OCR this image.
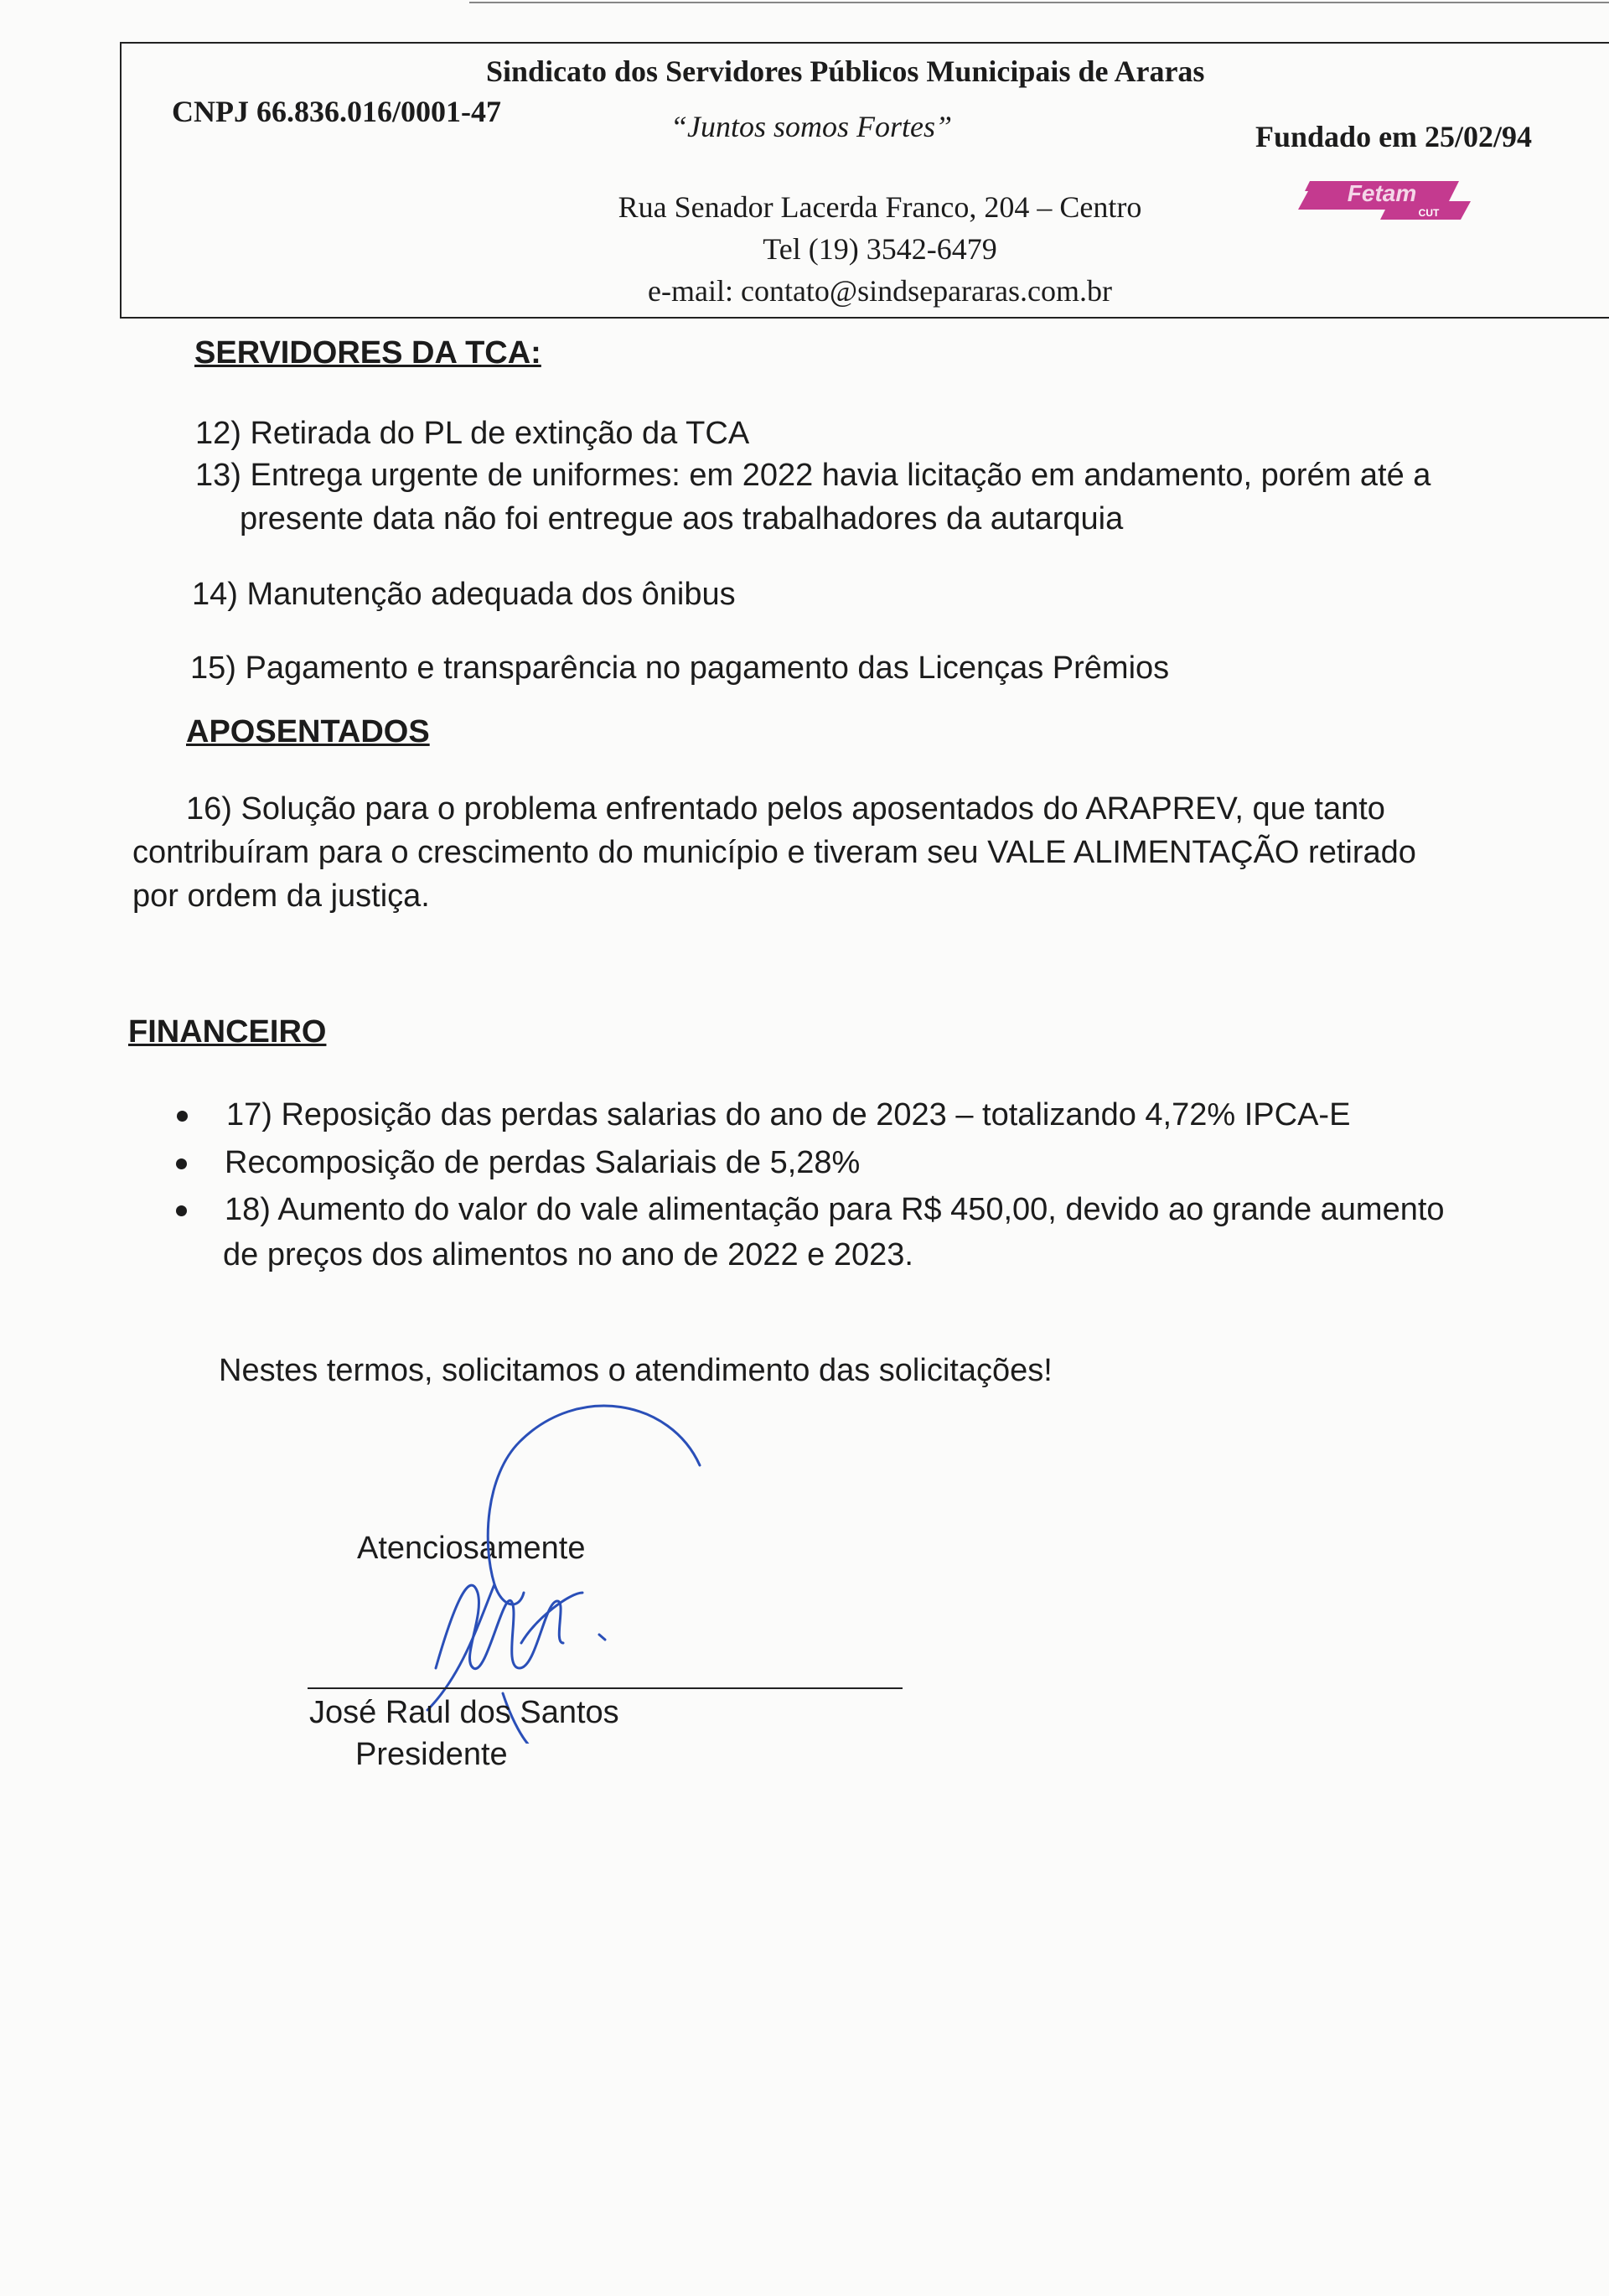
Sindicato dos Servidores Públicos Municipais de Araras
CNPJ 66.836.016/0001-47	“Juntos somos Fortes”	Fundado em 25/02/94
Fetam
CUT
Rua Senador Lacerda Franco, 204 – Centro
Tel (19) 3542-6479
e-mail: contato@sindsepararas.com.br
SERVIDORES DA TCA:
12) Retirada do PL de extinção da TCA
13) Entrega urgente de uniformes: em 2022 havia licitação em andamento, porém até a
presente data não foi entregue aos trabalhadores da autarquia
14) Manutenção adequada dos ônibus
15) Pagamento e transparência no pagamento das Licenças Prêmios
APOSENTADOS
16) Solução para o problema enfrentado pelos aposentados do ARAPREV, que tanto
contribuíram para o crescimento do município e tiveram seu VALE ALIMENTAÇÃO retirado
por ordem da justiça.
FINANCEIRO
17) Reposição das perdas salarias do ano de 2023 – totalizando 4,72% IPCA-E
Recomposição de perdas Salariais de 5,28%
18) Aumento do valor do vale alimentação para R$ 450,00, devido ao grande aumento
de preços dos alimentos no ano de 2022 e 2023.
Nestes termos, solicitamos o atendimento das solicitações!
Atenciosamente
José Raul dos Santos
Presidente
